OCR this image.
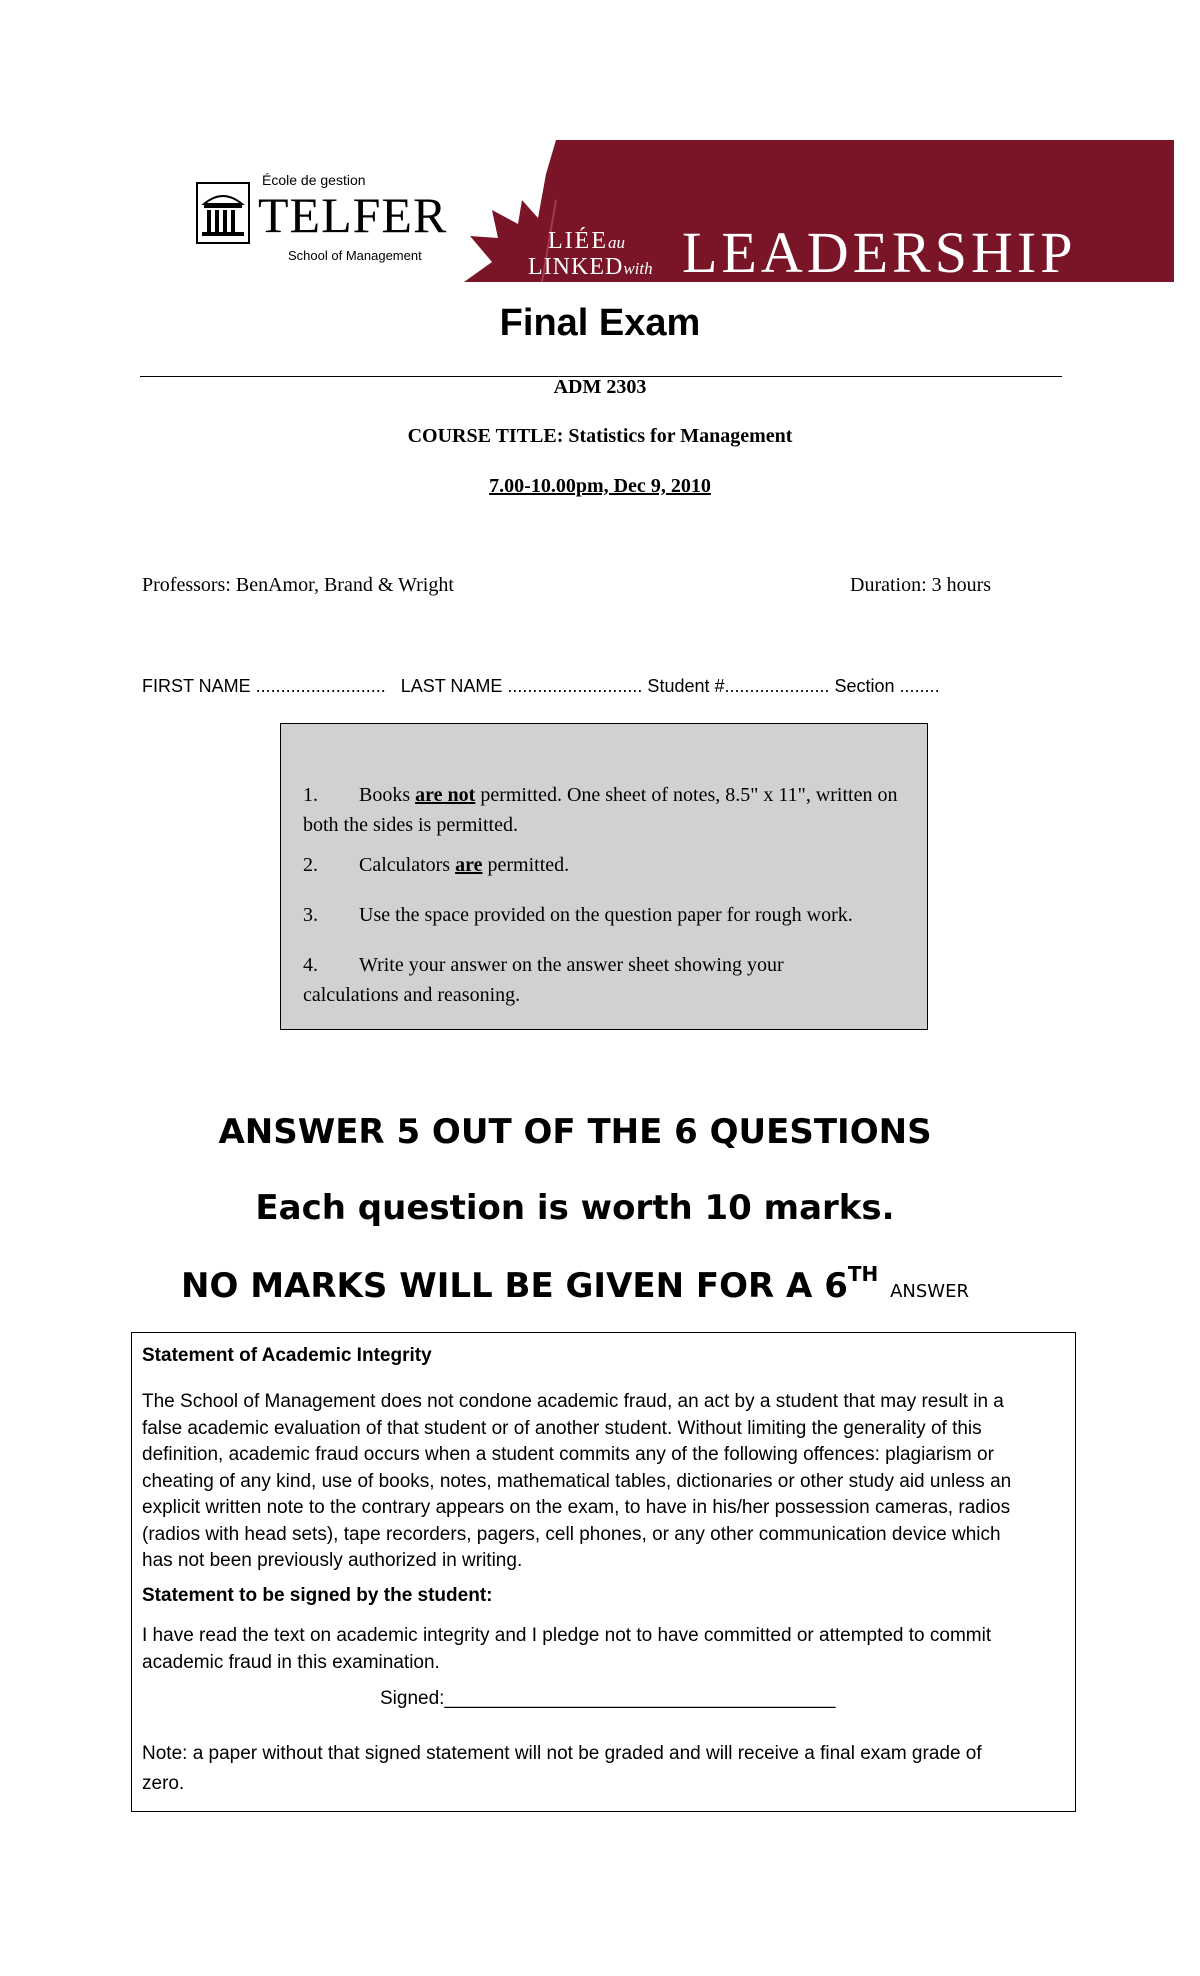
École de gestion
TELFER
School of Management
LIÉEau
LINKEDwith LEADERSHIP
Final Exam
ADM 2303
COURSE TITLE: Statistics for Management
7.00-10.00pm, Dec 9, 2010
Professors: BenAmor, Brand & Wright	Duration: 3 hours
FIRST NAME ..........................   LAST NAME ........................... Student #..................... Section ........
1. Books are not permitted. One sheet of notes, 8.5" x 11", written on both the sides is permitted.
2. Calculators are permitted.
3. Use the space provided on the question paper for rough work.
4. Write your answer on the answer sheet showing your calculations and reasoning.
ANSWER 5 OUT OF THE 6 QUESTIONS
Each question is worth 10 marks.
NO MARKS WILL BE GIVEN FOR A 6TH ANSWER
Statement of Academic Integrity
The School of Management does not condone academic fraud, an act by a student that may result in a false academic evaluation of that student or of another student. Without limiting the generality of this definition, academic fraud occurs when a student commits any of the following offences: plagiarism or cheating of any kind, use of books, notes, mathematical tables, dictionaries or other study aid unless an explicit written note to the contrary appears on the exam, to have in his/her possession cameras, radios (radios with head sets), tape recorders, pagers, cell phones, or any other communication device which has not been previously authorized in writing.
Statement to be signed by the student:
I have read the text on academic integrity and I pledge not to have committed or attempted to commit academic fraud in this examination.
Signed:_____________________________________
Note: a paper without that signed statement will not be graded and will receive a final exam grade of zero.
